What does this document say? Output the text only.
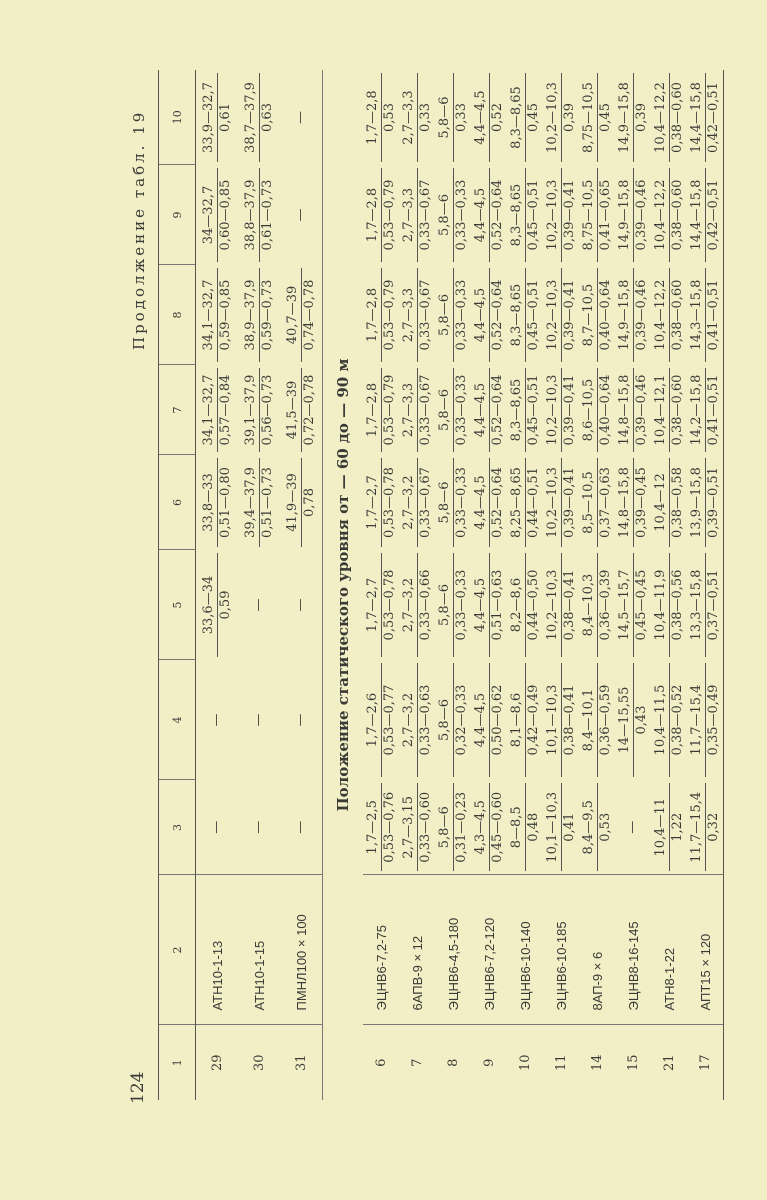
124
Продолжение табл. 19
1	2	3	4	5	6	7	8	9	10
29	АТН10-1-13	—	—	33,6—34 0,59	33,8—33 0,51—0,80	34,1—32,7 0,57—0,84	34,1—32,7 0,59—0,85	34—32,7 0,60—0,85	33,9—32,7 0,61

30	АТН10-1-15	—	—	—	39,4—37,9 0,51—0,73	39,1—37,9 0,56—0,73	38,9—37,9 0,59—0,73	38,8—37,9 0,61—0,73	38,7—37,9 0,63

31	ПМНЛ100 × 100	—	—	—	41,9—39 0,78	41,5—39 0,72—0,78	40,7—39 0,74—0,78	—	—

Положение статического уровня от — 60 до — 90 м									
6	ЭЦНВ6-7,2-75	1,7—2,5 0,53—0,76	1,7—2,6 0,53—0,77	1,7—2,7 0,53—0,78	1,7—2,7 0,53—0,78	1,7—2,8 0,53—0,79	1,7—2,8 0,53—0,79	1,7—2,8 0,53—0,79	1,7—2,8 0,53

7	6АПВ-9 × 12	2,7—3,15 0,33—0,60	2,7—3,2 0,33—0,63	2,7—3,2 0,33—0,66	2,7—3,2 0,33—0,67	2,7—3,3 0,33—0,67	2,7—3,3 0,33—0,67	2,7—3,3 0,33—0,67	2,7—3,3 0,33

8	ЭЦНВ6-4,5-180	5,8—6 0,31—0,23	5,8—6 0,32—0,33	5,8—6 0,33—0,33	5,8—6 0,33—0,33	5,8—6 0,33—0,33	5,8—6 0,33—0,33	5,8—6 0,33—0,33	5,8—6 0,33

9	ЭЦНВ6-7,2-120	4,3—4,5 0,45—0,60	4,4—4,5 0,50—0,62	4,4—4,5 0,51—0,63	4,4—4,5 0,52—0,64	4,4—4,5 0,52—0,64	4,4—4,5 0,52—0,64	4,4—4,5 0,52—0,64	4,4—4,5 0,52

10	ЭЦНВ6-10-140	8—8,5 0,48	8,1—8,6 0,42—0,49	8,2—8,6 0,44—0,50	8,25—8,65 0,44—0,51	8,3—8,65 0,45—0,51	8,3—8,65 0,45—0,51	8,3—8,65 0,45—0,51	8,3—8,65 0,45

11	ЭЦНВ6-10-185	10,1—10,3 0,41	10,1—10,3 0,38—0,41	10,2—10,3 0,38—0,41	10,2—10,3 0,39—0,41	10,2—10,3 0,39—0,41	10,2—10,3 0,39—0,41	10,2—10,3 0,39—0,41	10,2—10,3 0,39

14	8АП-9 × 6	8,4—9,5 0,53	8,4—10,1 0,36—0,59	8,4—10,3 0,36—0,39	8,5—10,5 0,37—0,63	8,6—10,5 0,40—0,64	8,7—10,5 0,40—0,64	8,75—10,5 0,41—0,65	8,75—10,5 0,45

15	ЭЦНВ8-16-145	—	14—15,55 0,43	14,5—15,7 0,45—0,45	14,8—15,8 0,39—0,45	14,8—15,8 0,39—0,46	14,9—15,8 0,39—0,46	14,9—15,8 0,39—0,46	14,9—15,8 0,39

21	АТН8-1-22	10,4—11 1,22	10,4—11,5 0,38—0,52	10,4—11,9 0,38—0,56	10,4—12 0,38—0,58	10,4—12,1 0,38—0,60	10,4—12,2 0,38—0,60	10,4—12,2 0,38—0,60	10,4—12,2 0,38—0,60

17	АПТ15 × 120	11,7—15,4 0,32	11,7—15,4 0,35—0,49	13,3—15,8 0,37—0,51	13,9—15,8 0,39—0,51	14,2—15,8 0,41—0,51	14,3—15,8 0,41—0,51	14,4—15,8 0,42—0,51	14,4—15,8 0,42—0,51
